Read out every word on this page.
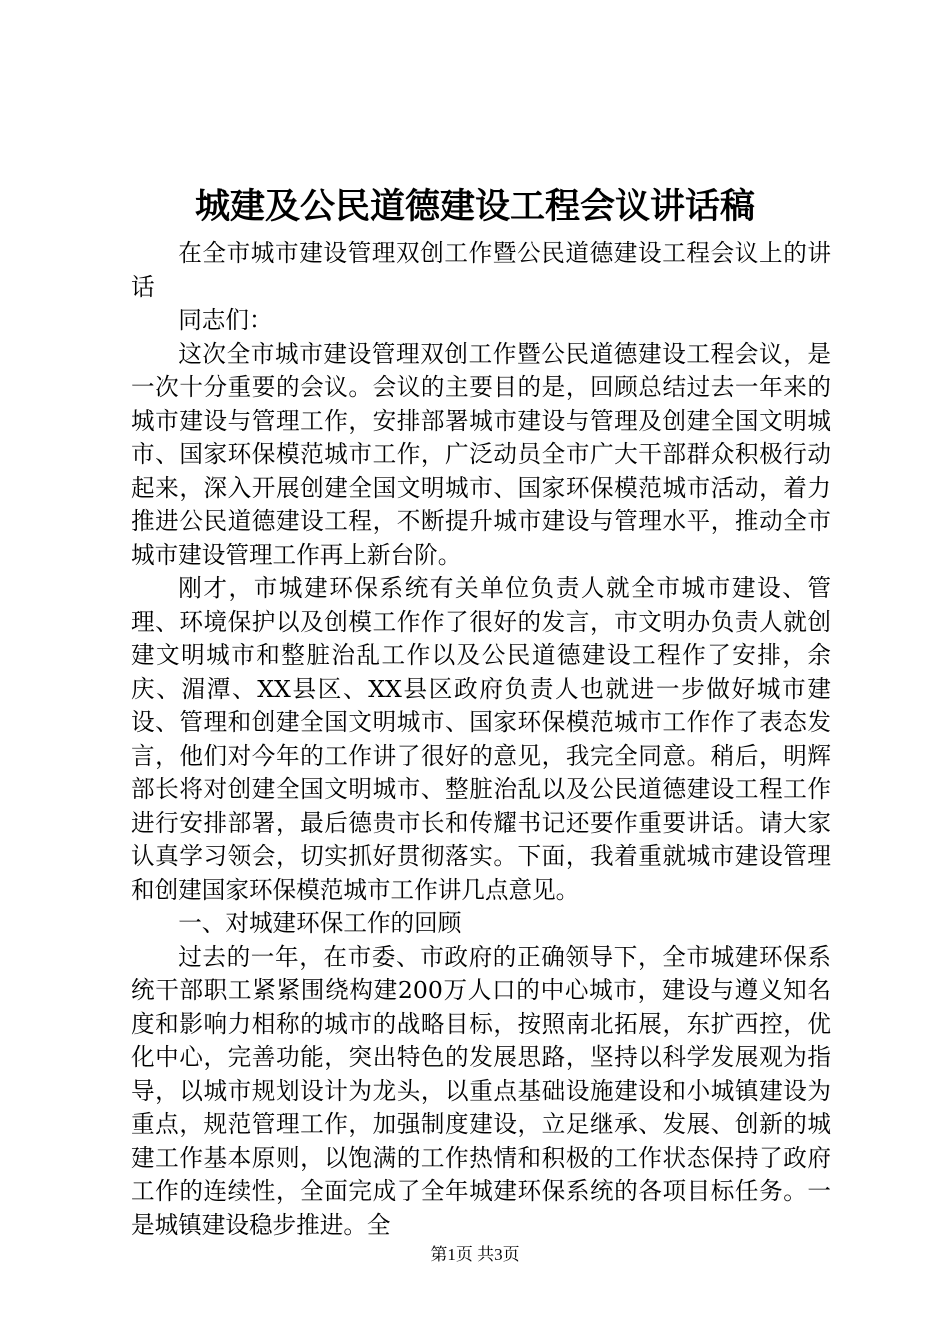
城建及公民道德建设工程会议讲话稿

在全市城市建设管理双创工作暨公民道德建设工程会议上的讲话

同志们：

这次全市城市建设管理双创工作暨公民道德建设工程会议，是一次十分重要的会议。会议的主要目的是，回顾总结过去一年来的城市建设与管理工作，安排部署城市建设与管理及创建全国文明城市、国家环保模范城市工作，广泛动员全市广大干部群众积极行动起来，深入开展创建全国文明城市、国家环保模范城市活动，着力推进公民道德建设工程，不断提升城市建设与管理水平，推动全市城市建设管理工作再上新台阶。

刚才，市城建环保系统有关单位负责人就全市城市建设、管理、环境保护以及创模工作作了很好的发言，市文明办负责人就创建文明城市和整脏治乱工作以及公民道德建设工程作了安排，余庆、湄潭、XX县区、XX县区政府负责人也就进一步做好城市建设、管理和创建全国文明城市、国家环保模范城市工作作了表态发言，他们对今年的工作讲了很好的意见，我完全同意。稍后，明辉部长将对创建全国文明城市、整脏治乱以及公民道德建设工程工作进行安排部署，最后德贵市长和传耀书记还要作重要讲话。请大家认真学习领会，切实抓好贯彻落实。下面，我着重就城市建设管理和创建国家环保模范城市工作讲几点意见。

一、对城建环保工作的回顾

过去的一年，在市委、市政府的正确领导下，全市城建环保系统干部职工紧紧围绕构建200万人口的中心城市，建设与遵义知名度和影响力相称的城市的战略目标，按照南北拓展，东扩西控，优化中心，完善功能，突出特色的发展思路，坚持以科学发展观为指导，以城市规划设计为龙头，以重点基础设施建设和小城镇建设为重点，规范管理工作，加强制度建设，立足继承、发展、创新的城建工作基本原则，以饱满的工作热情和积极的工作状态保持了政府工作的连续性，全面完成了全年城建环保系统的各项目标任务。一是城镇建设稳步推进。全

第1页 共3页
